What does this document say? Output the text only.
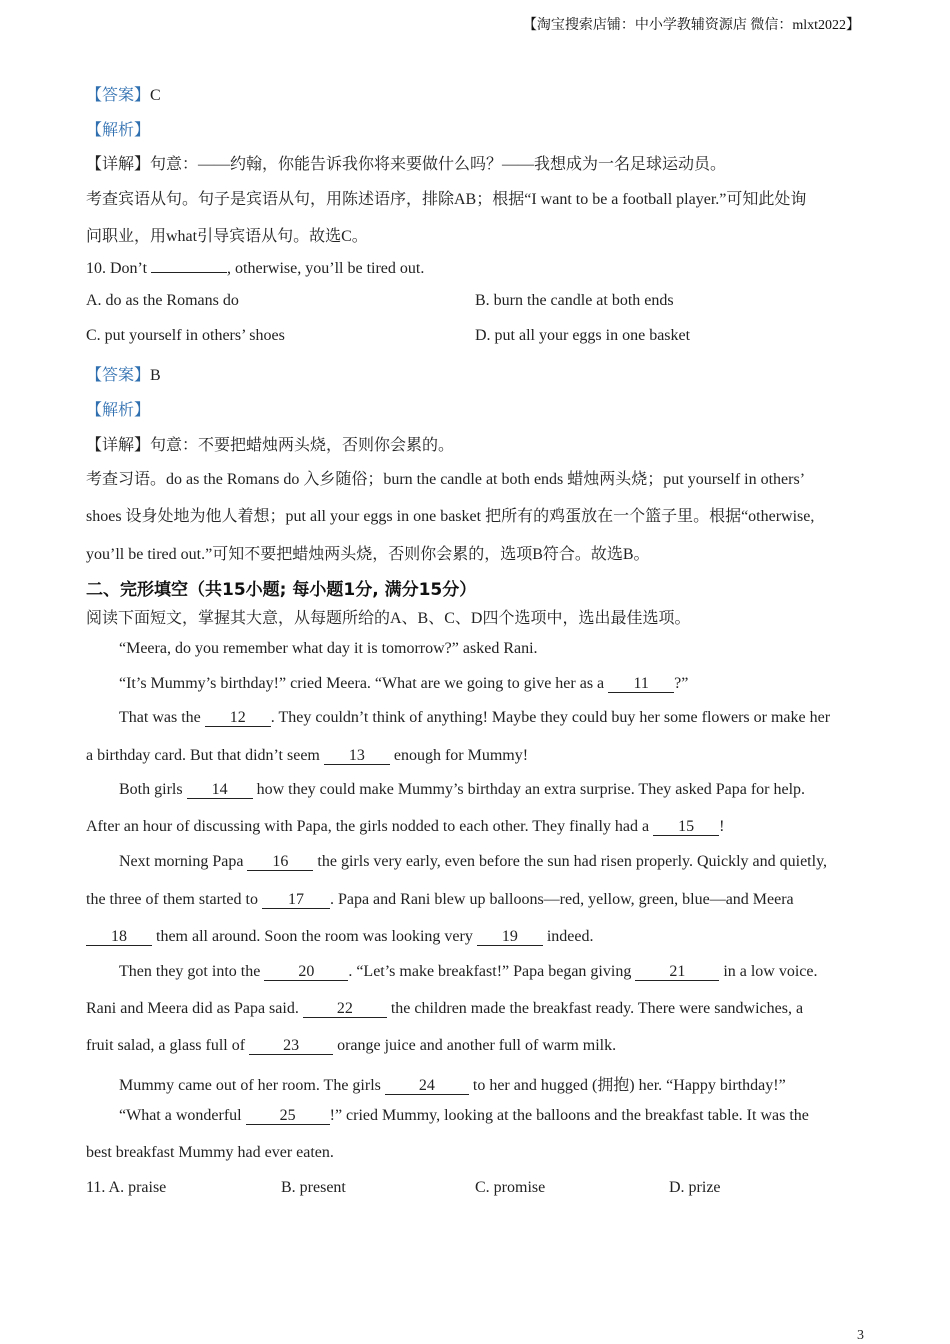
【淘宝搜索店铺：中小学教辅资源店 微信：mlxt2022】
【答案】C
【解析】
【详解】句意：——约翰，你能告诉我你将来要做什么吗？——我想成为一名足球运动员。
考查宾语从句。句子是宾语从句，用陈述语序，排除AB；根据“I want to be a football player.”可知此处询
问职业，用what引导宾语从句。故选C。
10. Don’t	, otherwise, you’ll be tired out.
A. do as the Romans do	B. burn the candle at both ends
C. put yourself in others’ shoes	D. put all your eggs in one basket
【答案】B
【解析】
【详解】句意：不要把蜡烛两头烧，否则你会累的。
考查习语。do as the Romans do 入乡随俗；burn the candle at both ends 蜡烛两头烧；put yourself in others’
shoes 设身处地为他人着想；put all your eggs in one basket 把所有的鸡蛋放在一个篮子里。根据“otherwise,
you’ll be tired out.”可知不要把蜡烛两头烧，否则你会累的，选项B符合。故选B。
二、完形填空（共15小题; 每小题1分, 满分15分）
阅读下面短文，掌握其大意，从每题所给的A、B、C、D四个选项中，选出最佳选项。
“Meera, do you remember what day it is tomorrow?” asked Rani.
“It’s Mummy’s birthday!” cried Meera. “What are we going to give her as a 11 ?”
That was the 12 . They couldn’t think of anything! Maybe they could buy her some flowers or make her
a birthday card. But that didn’t seem 13 enough for Mummy!
Both girls 14 how they could make Mummy’s birthday an extra surprise. They asked Papa for help.
After an hour of discussing with Papa, the girls nodded to each other. They finally had a 15 !
Next morning Papa 16 the girls very early, even before the sun had risen properly. Quickly and quietly,
the three of them started to 17 . Papa and Rani blew up balloons—red, yellow, green, blue—and Meera
18 them all around. Soon the room was looking very 19 indeed.
Then they got into the 20 . “Let’s make breakfast!” Papa began giving 21 in a low voice.
Rani and Meera did as Papa said. 22 the children made the breakfast ready. There were sandwiches, a
fruit salad, a glass full of 23 orange juice and another full of warm milk.
Mummy came out of her room. The girls 24 to her and hugged (拥抱) her. “Happy birthday!”
“What a wonderful 25 !” cried Mummy, looking at the balloons and the breakfast table. It was the
best breakfast Mummy had ever eaten.
11. A. praise	B. present	C. promise	D. prize
3
